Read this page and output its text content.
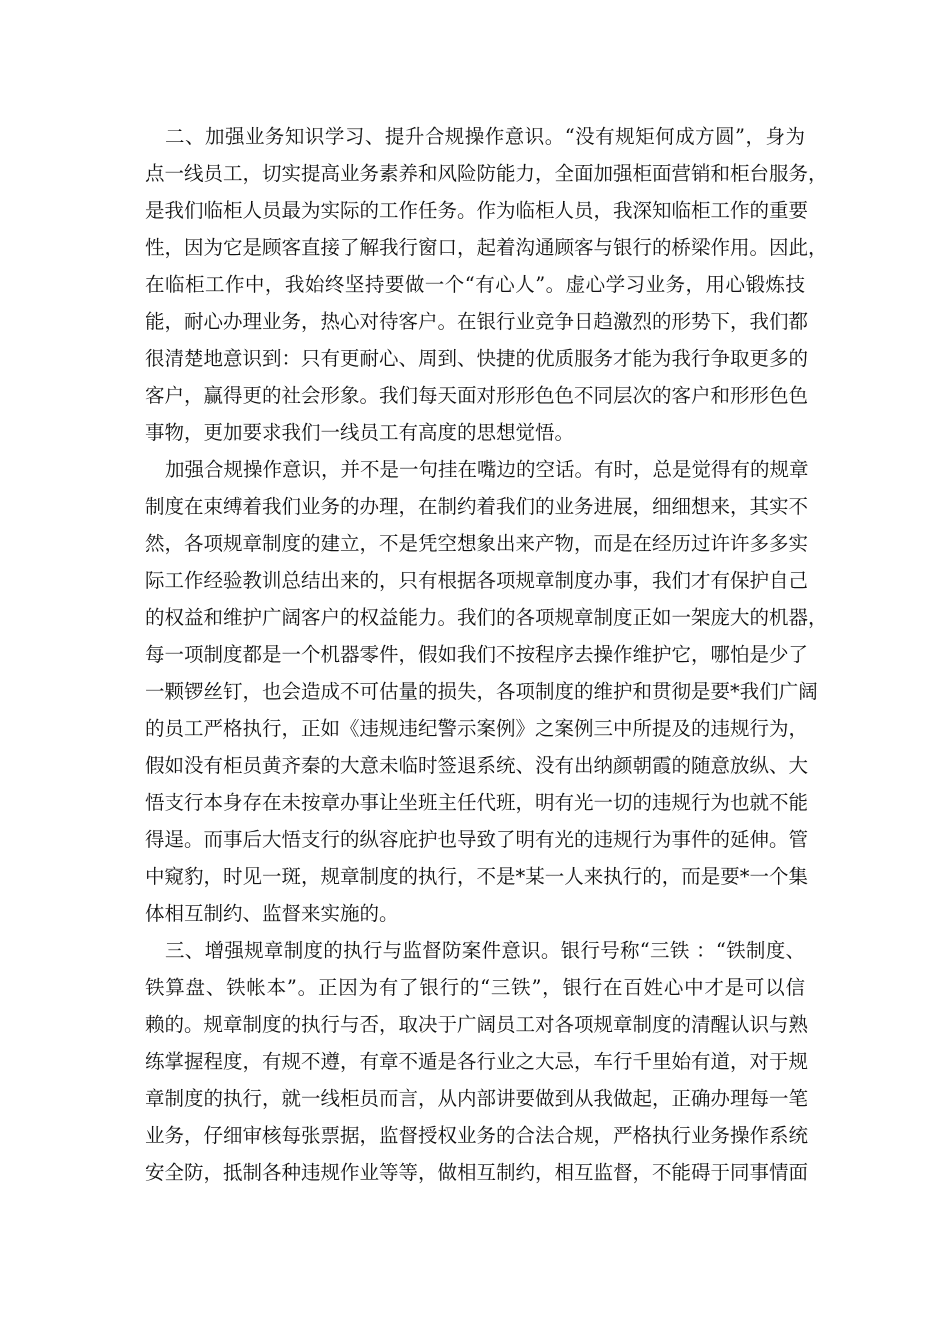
二、加强业务知识学习、提升合规操作意识。“没有规矩何成方圆”，身为
点一线员工，切实提高业务素养和风险防能力，全面加强柜面营销和柜台服务，
是我们临柜人员最为实际的工作任务。作为临柜人员，我深知临柜工作的重要
性，因为它是顾客直接了解我行窗口，起着沟通顾客与银行的桥梁作用。因此，
在临柜工作中，我始终坚持要做一个“有心人”。虚心学习业务，用心锻炼技
能，耐心办理业务，热心对待客户。在银行业竞争日趋激烈的形势下，我们都
很清楚地意识到：只有更耐心、周到、快捷的优质服务才能为我行争取更多的
客户，赢得更的社会形象。我们每天面对形形色色不同层次的客户和形形色色
事物，更加要求我们一线员工有高度的思想觉悟。
加强合规操作意识，并不是一句挂在嘴边的空话。有时，总是觉得有的规章
制度在束缚着我们业务的办理，在制约着我们的业务进展，细细想来，其实不
然，各项规章制度的建立，不是凭空想象出来产物，而是在经历过许许多多实
际工作经验教训总结出来的，只有根据各项规章制度办事，我们才有保护自己
的权益和维护广阔客户的权益能力。我们的各项规章制度正如一架庞大的机器，
每一项制度都是一个机器零件，假如我们不按程序去操作维护它，哪怕是少了
一颗锣丝钉，也会造成不可估量的损失，各项制度的维护和贯彻是要*我们广阔
的员工严格执行，正如《违规违纪警示案例》之案例三中所提及的违规行为，
假如没有柜员黄齐秦的大意未临时签退系统、没有出纳颜朝霞的随意放纵、大
悟支行本身存在未按章办事让坐班主任代班，明有光一切的违规行为也就不能
得逞。而事后大悟支行的纵容庇护也导致了明有光的违规行为事件的延伸。管
中窥豹，时见一斑，规章制度的执行，不是*某一人来执行的，而是要*一个集
体相互制约、监督来实施的。
三、增强规章制度的执行与监督防案件意识。银行号称“三铁 ：“铁制度、
铁算盘、铁帐本”。正因为有了银行的“三铁”，银行在百姓心中才是可以信
赖的。规章制度的执行与否，取决于广阔员工对各项规章制度的清醒认识与熟
练掌握程度，有规不遵，有章不遁是各行业之大忌，车行千里始有道，对于规
章制度的执行，就一线柜员而言，从内部讲要做到从我做起，正确办理每一笔
业务，仔细审核每张票据，监督授权业务的合法合规，严格执行业务操作系统
安全防，抵制各种违规作业等等，做相互制约，相互监督，不能碍于同事情面
